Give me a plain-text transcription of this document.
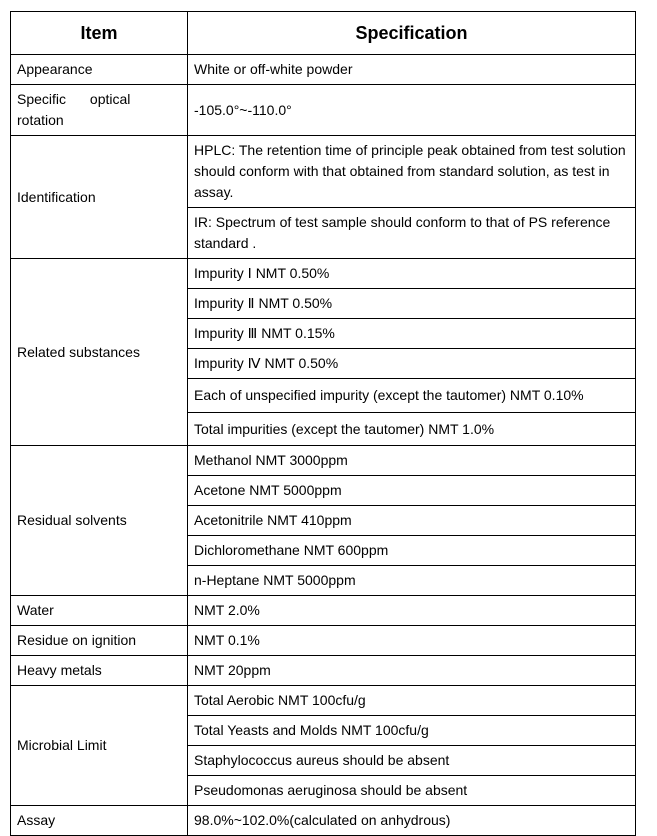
Item	Specification
Appearance	White or off-white powder
Specific optical rotation	-105.0°~-110.0°
Identification	HPLC: The retention time of principle peak obtained from test solution should conform with that obtained from standard solution, as test in assay.
	IR: Spectrum of test sample should conform to that of PS reference standard .
Related substances	Impurity Ⅰ NMT 0.50%
	Impurity Ⅱ NMT 0.50%
	Impurity Ⅲ NMT 0.15%
	Impurity Ⅳ NMT 0.50%
	Each of unspecified impurity (except the tautomer) NMT 0.10%
	Total impurities (except the tautomer) NMT 1.0%
Residual solvents	Methanol NMT 3000ppm
	Acetone NMT 5000ppm
	Acetonitrile NMT 410ppm
	Dichloromethane NMT 600ppm
	n-Heptane NMT 5000ppm
Water	NMT 2.0%
Residue on ignition	NMT 0.1%
Heavy metals	NMT 20ppm
Microbial Limit	Total Aerobic NMT 100cfu/g
	Total Yeasts and Molds NMT 100cfu/g
	Staphylococcus aureus should be absent
	Pseudomonas aeruginosa should be absent
Assay	98.0%~102.0%(calculated on anhydrous)
